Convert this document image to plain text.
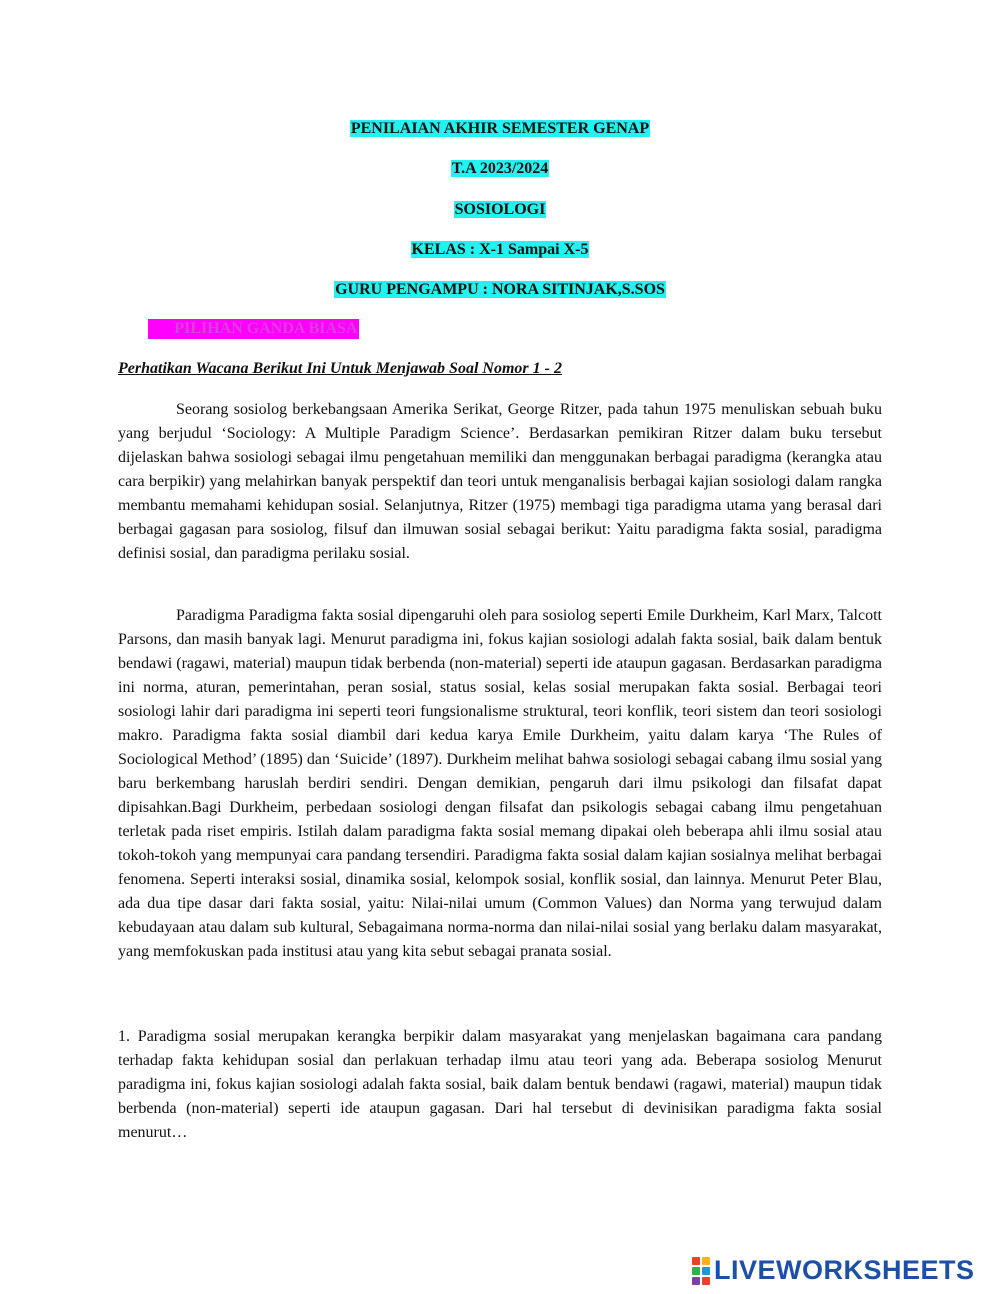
PENILAIAN AKHIR SEMESTER GENAP
T.A 2023/2024
SOSIOLOGI
KELAS : X-1 Sampai X-5
GURU PENGAMPU : NORA SITINJAK,S.SOS
❖ PILIHAN GANDA BIASA
Perhatikan Wacana Berikut Ini Untuk Menjawab Soal Nomor 1 - 2

Seorang sosiolog berkebangsaan Amerika Serikat, George Ritzer, pada tahun 1975 menuliskan sebuah buku yang berjudul ‘Sociology: A Multiple Paradigm Science’. Berdasarkan pemikiran Ritzer dalam buku tersebut dijelaskan bahwa sosiologi sebagai ilmu pengetahuan memiliki dan menggunakan berbagai paradigma (kerangka atau cara berpikir) yang melahirkan banyak perspektif dan teori untuk menganalisis berbagai kajian sosiologi dalam rangka membantu memahami kehidupan sosial. Selanjutnya, Ritzer (1975) membagi tiga paradigma utama yang berasal dari berbagai gagasan para sosiolog, filsuf dan ilmuwan sosial sebagai berikut: Yaitu paradigma fakta sosial, paradigma definisi sosial, dan paradigma perilaku sosial.

Paradigma Paradigma fakta sosial dipengaruhi oleh para sosiolog seperti Emile Durkheim, Karl Marx, Talcott Parsons, dan masih banyak lagi. Menurut paradigma ini, fokus kajian sosiologi adalah fakta sosial, baik dalam bentuk bendawi (ragawi, material) maupun tidak berbenda (non-material) seperti ide ataupun gagasan. Berdasarkan paradigma ini norma, aturan, pemerintahan, peran sosial, status sosial, kelas sosial merupakan fakta sosial. Berbagai teori sosiologi lahir dari paradigma ini seperti teori fungsionalisme struktural, teori konflik, teori sistem dan teori sosiologi makro. Paradigma fakta sosial diambil dari kedua karya Emile Durkheim, yaitu dalam karya ‘The Rules of Sociological Method’ (1895) dan ‘Suicide’ (1897). Durkheim melihat bahwa sosiologi sebagai cabang ilmu sosial yang baru berkembang haruslah berdiri sendiri. Dengan demikian, pengaruh dari ilmu psikologi dan filsafat dapat dipisahkan.Bagi Durkheim, perbedaan sosiologi dengan filsafat dan psikologis sebagai cabang ilmu pengetahuan terletak pada riset empiris. Istilah dalam paradigma fakta sosial memang dipakai oleh beberapa ahli ilmu sosial atau tokoh-tokoh yang mempunyai cara pandang tersendiri. Paradigma fakta sosial dalam kajian sosialnya melihat berbagai fenomena. Seperti interaksi sosial, dinamika sosial, kelompok sosial, konflik sosial, dan lainnya. Menurut Peter Blau, ada dua tipe dasar dari fakta sosial, yaitu: Nilai-nilai umum (Common Values) dan Norma yang terwujud dalam kebudayaan atau dalam sub kultural, Sebagaimana norma-norma dan nilai-nilai sosial yang berlaku dalam masyarakat, yang memfokuskan pada institusi atau yang kita sebut sebagai pranata sosial.

1. Paradigma sosial merupakan kerangka berpikir dalam masyarakat yang menjelaskan bagaimana cara pandang terhadap fakta kehidupan sosial dan perlakuan terhadap ilmu atau teori yang ada. Beberapa sosiolog Menurut paradigma ini, fokus kajian sosiologi adalah fakta sosial, baik dalam bentuk bendawi (ragawi, material) maupun tidak berbenda (non-material) seperti ide ataupun gagasan. Dari hal tersebut di devinisikan paradigma fakta sosial menurut…

LIVEWORKSHEETS
